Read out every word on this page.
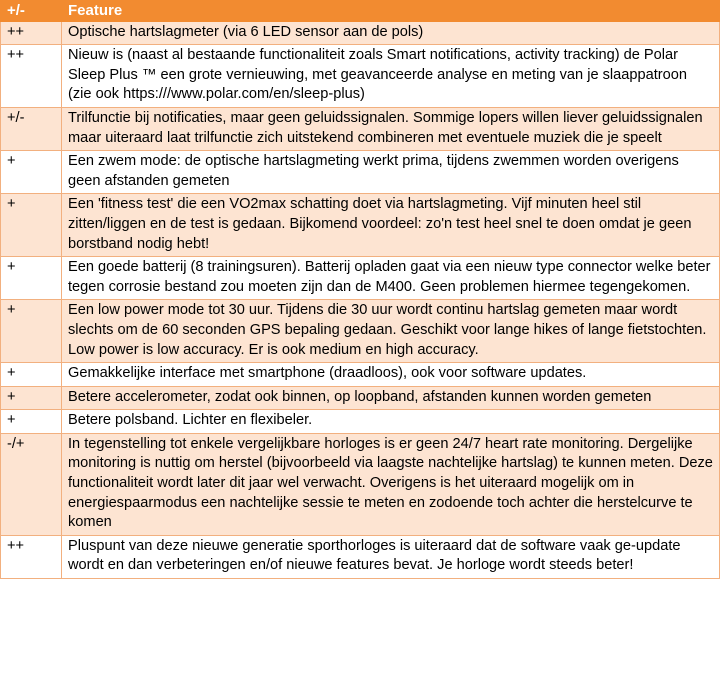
+/-	Feature
++	Optische hartslagmeter (via 6 LED sensor aan de pols)
++	Nieuw is (naast al bestaande functionaliteit zoals Smart notifications, activity tracking) de Polar Sleep Plus ™ een grote vernieuwing, met geavanceerde analyse en meting van je slaappatroon (zie ook https:///www.polar.com/en/sleep-plus)
+/-	Trilfunctie bij notificaties, maar geen geluidssignalen. Sommige lopers willen liever geluidssignalen maar uiteraard laat trilfunctie zich uitstekend combineren met eventuele muziek die je speelt
+	Een zwem mode: de optische hartslagmeting werkt prima, tijdens zwemmen worden overigens geen afstanden gemeten
+	Een 'fitness test' die een VO2max schatting doet via hartslagmeting. Vijf minuten heel stil zitten/liggen en de test is gedaan. Bijkomend voordeel: zo'n test heel snel te doen omdat je geen borstband nodig hebt!
+	Een goede batterij (8 trainingsuren). Batterij opladen gaat via een nieuw type connector welke beter tegen corrosie bestand zou moeten zijn dan de M400. Geen problemen hiermee tegengekomen.
+	Een low power mode tot 30 uur. Tijdens die 30 uur wordt continu hartslag gemeten maar wordt slechts om de 60 seconden GPS bepaling gedaan. Geschikt voor lange hikes of lange fietstochten. Low power is low accuracy. Er is ook medium en high accuracy.
+	Gemakkelijke interface met smartphone (draadloos), ook voor software updates.
+	Betere accelerometer, zodat ook binnen, op loopband, afstanden kunnen worden gemeten
+	Betere polsband. Lichter en flexibeler.
-/+	In tegenstelling tot enkele vergelijkbare horloges is er geen 24/7 heart rate monitoring. Dergelijke monitoring is nuttig om herstel (bijvoorbeeld via laagste nachtelijke hartslag) te kunnen meten. Deze functionaliteit wordt later dit jaar wel verwacht. Overigens is het uiteraard mogelijk om in energiespaarmodus een nachtelijke sessie te meten en zodoende toch achter die herstelcurve te komen
++	Pluspunt van deze nieuwe generatie sporthorloges is uiteraard dat de software vaak ge-update wordt en dan verbeteringen en/of nieuwe features bevat. Je horloge wordt steeds beter!
